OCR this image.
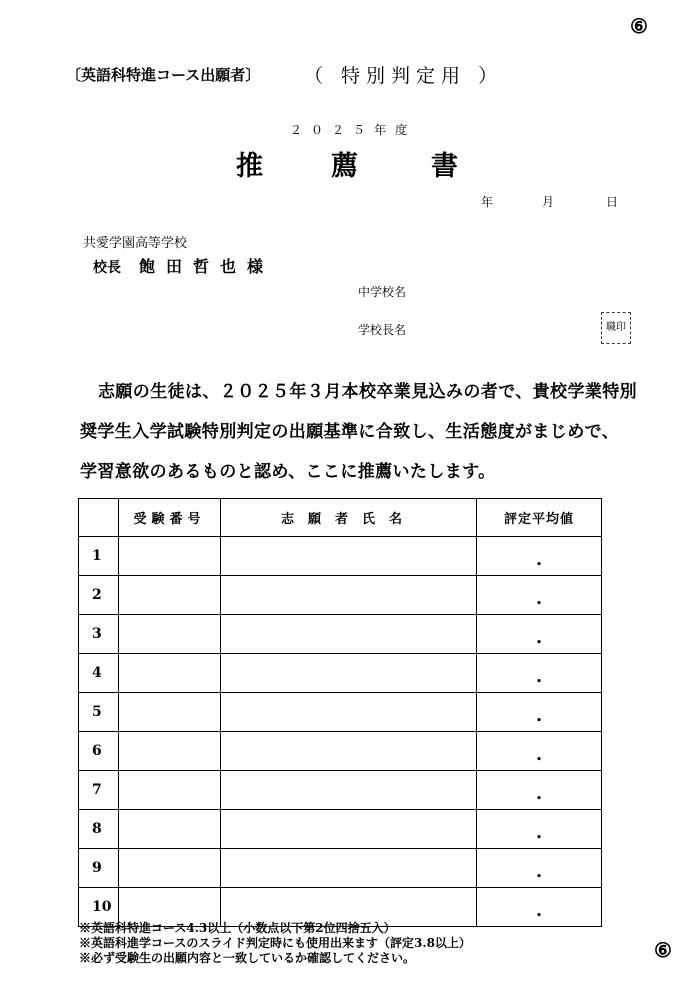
⑥
〔英語科特進コース出願者〕 （ 特別判定用 ）
２０２５年度
推	薦	書
年	月	日
共愛学園高等学校
校長 飽田哲也様
中学校名
学校長名	職印
志願の生徒は、２０２５年３月本校卒業見込みの者で、貴校学業特別
奨学生入学試験特別判定の出願基準に合致し、生活態度がまじめで、
学習意欲のあるものと認め、ここに推薦いたします。
	受験番号	志願者氏名	評定平均値
1			.
2			.
3			.
4			.
5			.
6			.
7			.
8			.
9			.
10			.
※英語科特進コース4.3以上（小数点以下第2位四捨五入）
※英語科進学コースのスライド判定時にも使用出来ます（評定3.8以上）
※必ず受験生の出願内容と一致しているか確認してください。	⑥
